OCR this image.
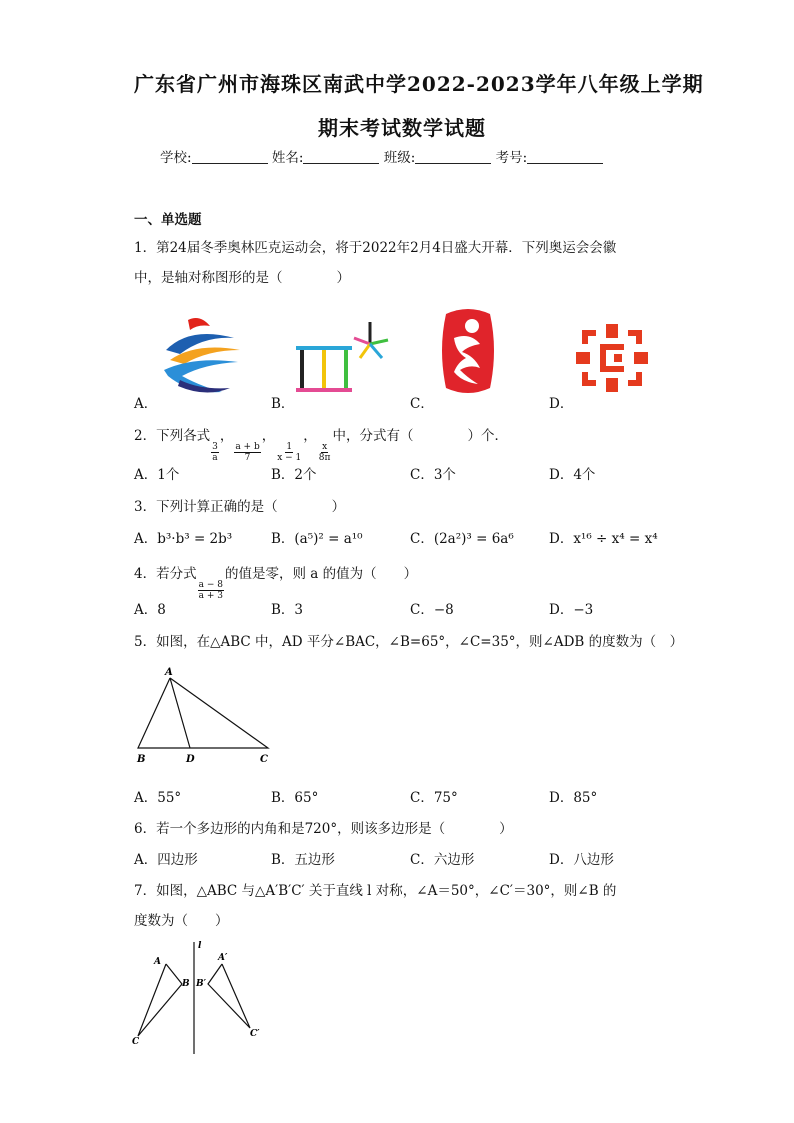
广东省广州市海珠区南武中学2022-2023学年八年级上学期
期末考试数学试题
学校:	姓名:	班级:	考号:
一、单选题
1．第24届冬季奥林匹克运动会，将于2022年2月4日盛大开幕．下列奥运会会徽
中，是轴对称图形的是（　　　　）
A．	B．	C．	D．
2．下列各式
$\frac{3}{a}$
，
$\frac{a + b}{7}$
，
$\frac{1}{x - 1}$
，
$\frac{x}{8\pi}$
中，分式有（　　　　）个．
A．1个	B．2个	C．3个	D．4个
3．下列计算正确的是（　　　　）
A．b³·b³ = 2b³	B．(a⁵)² = a¹⁰	C．(2a²)³ = 6a⁶	D．x¹⁶ ÷ x⁴ = x⁴
4．若分式
$\frac{a - 8}{a + 3}$
的值是零，则 a 的值为（　　）
A．8	B．3	C．−8	D．−3
5．如图，在△ABC 中，AD 平分∠BAC，∠B=65°，∠C=35°，则∠ADB 的度数为（　）
A
B	D	C
A．55°	B．65°	C．75°	D．85°
6．若一个多边形的内角和是720°，则该多边形是（　　　　）
A．四边形	B．五边形	C．六边形	D．八边形
7．如图，△ABC 与△A′B′C′ 关于直线 l 对称，∠A＝50°，∠C′＝30°，则∠B 的
度数为（　　）
l
A
B
C
A′
B′
C′
